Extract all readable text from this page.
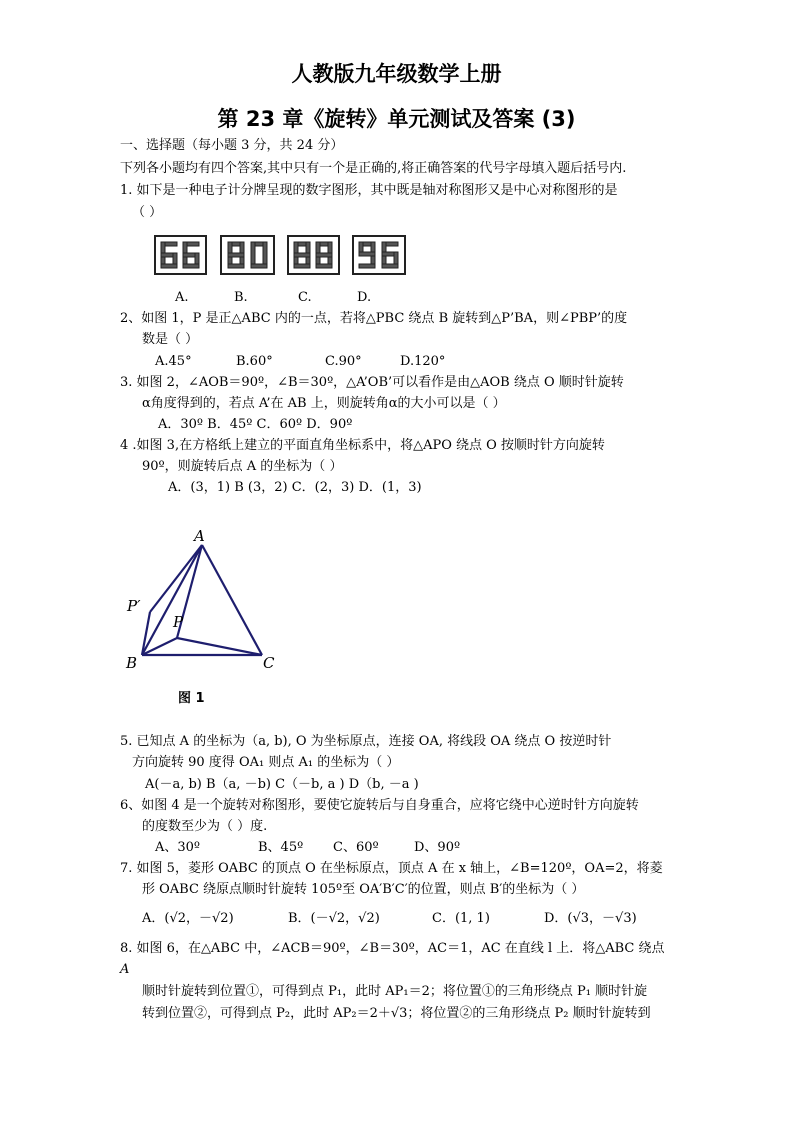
人教版九年级数学上册
第 23 章《旋转》单元测试及答案 (3)
一、选择题（每小题 3 分，共 24 分）
下列各小题均有四个答案,其中只有一个是正确的,将正确答案的代号字母填入题后括号内.
1. 如下是一种电子计分牌呈现的数字图形，其中既是轴对称图形又是中心对称图形的是
（ ）
A.	B.	C.	D.
2、如图 1，P 是正△ABC 内的一点，若将△PBC 绕点 B 旋转到△P’BA，则∠PBP’的度
数是（ ）
A.45°	B.60°	C.90°	D.120°
3. 如图 2，∠AOB＝90º，∠B＝30º，△A’OB’可以看作是由△AOB 绕点 O 顺时针旋转
α角度得到的，若点 A’在 AB 上，则旋转角α的大小可以是（ ）
A．30º B．45º C．60º D．90º
4 .如图 3,在方格纸上建立的平面直角坐标系中，将△APO 绕点 O 按顺时针方向旋转
90º，则旋转后点 A 的坐标为（ ）
A．(3，1) B (3，2) C．(2，3) D．(1，3)
A
P′
P
B	C
图 1
5. 已知点 A 的坐标为（a, b), O 为坐标原点，连接 OA, 将线段 OA 绕点 O 按逆时针
方向旋转 90 度得 OA₁ 则点 A₁ 的坐标为（ ）
A(－a, b) B（a, －b) C（－b, a ) D（b, －a )
6、如图 4 是一个旋转对称图形，要使它旋转后与自身重合，应将它绕中心逆时针方向旋转
的度数至少为（ ）度.
A、30º	B、45º C、60º	D、90º
7. 如图 5，菱形 OABC 的顶点 O 在坐标原点，顶点 A 在 x 轴上，∠B=120º，OA=2，将菱
形 OABC 绕原点顺时针旋转 105º至 OA′B′C′的位置，则点 B′的坐标为（ ）
A．(√2，－√2)	B．(－√2，√2)	C．(1, 1)	D．(√3，－√3)
8. 如图 6，在△ABC 中，∠ACB＝90º，∠B＝30º，AC＝1，AC 在直线 l 上．将△ABC 绕点
A
顺时针旋转到位置①，可得到点 P₁，此时 AP₁＝2；将位置①的三角形绕点 P₁ 顺时针旋
转到位置②，可得到点 P₂，此时 AP₂＝2＋√3；将位置②的三角形绕点 P₂ 顺时针旋转到
